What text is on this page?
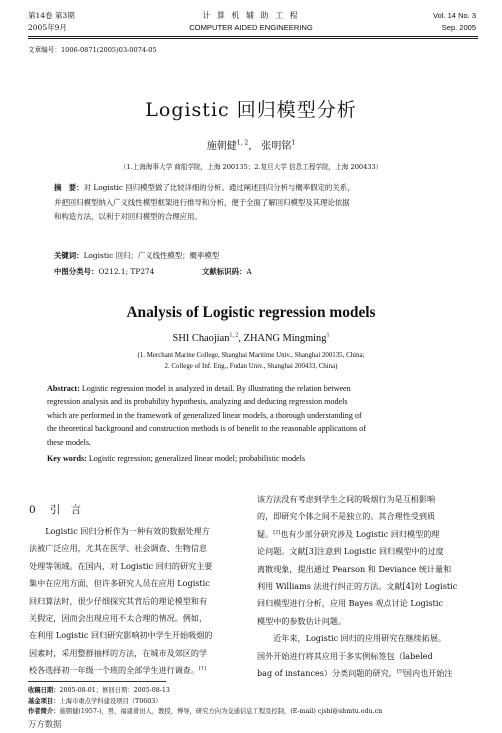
第14卷 第3期
2005年9月
计 算 机 辅 助 工 程
COMPUTER AIDED ENGINEERING
Vol. 14 No. 3
Sep. 2005
文章编号：1006-0871(2005)03-0074-05
Logistic 回归模型分析
施朝健$^{1, 2}$， 张明铭$^1$
（1.上海海事大学 商船学院，上海 200135；2.复旦大学 信息工程学院，上海 200433）
摘　要：对 Logistic 回归模型做了比较详细的分析。通过阐述回归分析与概率假定的关系，
并把回归模型纳入广义线性模型框架进行推导和分析，便于全面了解回归模型及其理论依据
和构造方法，以利于对回归模型的合理应用。
关键词：Logistic 回归；广义线性模型；概率模型
中图分类号：O212.1; TP274	文献标识码：A
Analysis of Logistic regression models
SHI Chaojian$^{1, 2}$, ZHANG Mingming$^1$
(1. Merchant Marine College, Shanghai Maritime Univ., Shanghai 200135, China;
2. College of Inf. Eng., Fudan Univ., Shanghai 200433, China)
Abstract: Logistic regression model is analyzed in detail. By illustrating the relation between
regression analysis and its probability hypothesis, analyzing and deducing regression models
which are performed in the framework of generalized linear models, a thorough understanding of
the theoretical background and construction methods is of benefit to the reasonable applications of
these models.
Key words: Logistic regression; generalized linear model; probabilistic models
0 引　言
　　Logistic 回归分析作为一种有效的数据处理方
法被广泛应用，尤其在医学、社会调查、生物信息
处理等领域。在国内，对 Logistic 回归的研究主要
集中在应用方面，但许多研究人员在应用 Logistic
回归算法时，很少仔细探究其背后的理论模型和有
关假定，因而会出现应用不太合理的情况。例如，
在利用 Logistic 回归研究影响初中学生开始吸烟的
因素时，采用整群抽样的方法，在城市及郊区的学
校各选择初一年级一个班的全部学生进行调查。[1]
该方法没有考虑到学生之间的吸烟行为是互相影响
的，即研究个体之间不是独立的。其合理性受到质
疑。[2]也有少部分研究涉及 Logistic 回归模型的理
论问题。文献[3]注意到 Logistic 回归模型中的过度
离散现象，提出通过 Pearson 和 Deviance 统计量和
利用 Williams 法进行纠正的方法。文献[4]对 Logistic
回归模型进行分析，应用 Bayes 观点讨论 Logistic
模型中的参数估计问题。
　　近年来，Logistic 回归的应用研究在继续拓展。
国外开始进行将其应用于多实例标签包（labeled
bag of instances）分类问题的研究。[5]国内也开始注
收稿日期：2005-08-01；修回日期：2005-08-13
基金项目：上海市重点学科建设项目（T0603）
作者简介：施朝健(1957-)，男，福建莆田人，教授，博导，研究方向为交通信息工程及控制，(E-mail) cjshi@shmtu.edu.cn
万方数据
